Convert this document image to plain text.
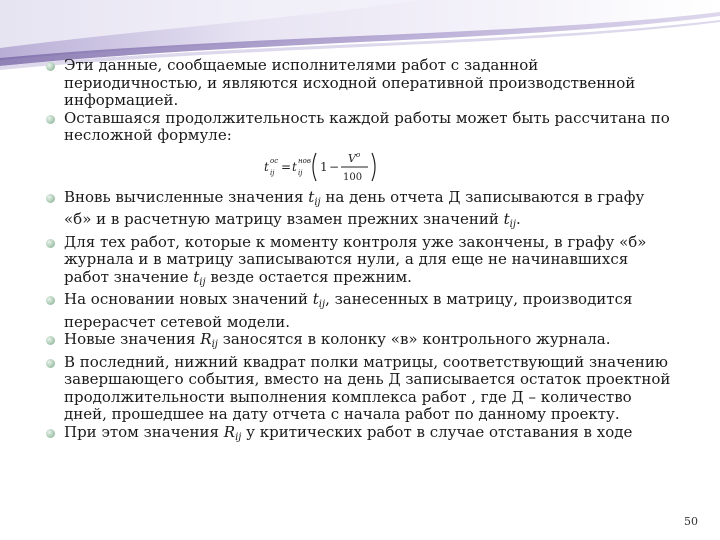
Эти данные, сообщаемые исполнителями работ с заданной периодичностью, и являются исходной оперативной производственной информацией.
Оставшаяся продолжительность каждой работы может быть рассчитана по несложной формуле:
t ij
ос = t ij
нов 1 −
V о
100
Вновь вычисленные значения $t_{ij}$ на день отчета Д записываются в графу «б» и в расчетную матрицу взамен прежних значений $t_{ij}$.
Для тех работ, которые к моменту контроля уже закончены, в графу «б» журнала и в матрицу записываются нули, а для еще не начинавшихся работ значение $t_{ij}$ везде остается прежним.
На основании новых значений $t_{ij}$, занесенных в матрицу, производится перерасчет сетевой модели.
Новые значения $R_{ij}$ заносятся в колонку «в» контрольного журнала.
В последний, нижний квадрат полки матрицы, соответствующий значению завершающего события, вместо на день Д записывается остаток проектной продолжительности выполнения комплекса работ , где Д – количество дней, прошедшее на дату отчета с начала работ по данному проекту.
При этом значения $R_{ij}$ у критических работ в случае отставания в ходе
50
